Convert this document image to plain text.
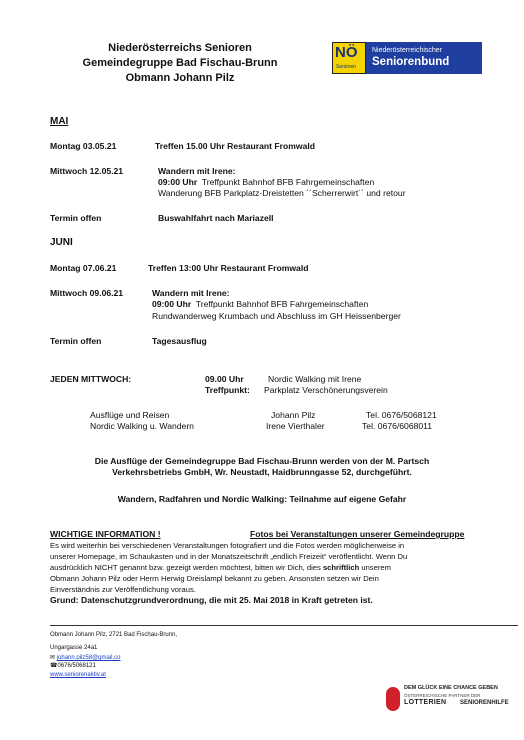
Niederösterreichs Senioren
Gemeindegruppe Bad Fischau-Brunn
Obmann Johann Pilz
NÖ
Senioren
Niederösterreichischer
Seniorenbund
MAI
Montag 03.05.21	Treffen 15.00 Uhr Restaurant Fromwald
Mittwoch 12.05.21	Wandern mit Irene:
09:00 Uhr Treffpunkt Bahnhof BFB Fahrgemeinschaften
Wanderung BFB Parkplatz-Dreistetten ´´Scherrerwirt´´ und retour
Termin offen	Buswahlfahrt nach Mariazell
JUNI
Montag 07.06.21	Treffen 13:00 Uhr Restaurant Fromwald
Mittwoch 09.06.21	Wandern mit Irene:
09:00 Uhr Treffpunkt Bahnhof BFB Fahrgemeinschaften
Rundwanderweg Krumbach und Abschluss im GH Heissenberger
Termin offen	Tagesausflug
JEDEN MITTWOCH:	09.00 Uhr	Nordic Walking mit Irene
Treffpunkt: Parkplatz Verschönerungsverein
Ausflüge und Reisen	Johann Pilz	Tel. 0676/5068121
Nordic Walking u. Wandern	Irene Vierthaler	Tel. 0676/6068011
Die Ausflüge der Gemeindegruppe Bad Fischau-Brunn werden von der M. Partsch
Verkehrsbetriebs GmbH, Wr. Neustadt, Haidbrunngasse 52, durchgeführt.
Wandern, Radfahren und Nordic Walking: Teilnahme auf eigene Gefahr
WICHTIGE INFORMATION !	Fotos bei Veranstaltungen unserer Gemeindegruppe
Es wird weiterhin bei verschiedenen Veranstaltungen fotografiert und die Fotos werden möglicherweise in
unserer Homepage, im Schaukasten und in der Monatszeitschrift „endlich Freizeit“ veröffentlicht. Wenn Du
ausdrücklich NICHT genannt bzw. gezeigt werden möchtest, bitten wir Dich, dies schriftlich unserem
Obmann Johann Pilz oder Herrn Herwig Dreislampl bekannt zu geben. Ansonsten setzen wir Dein
Einverständnis zur Veröffentlichung voraus.
Grund: Datenschutzgrundverordnung, die mit 25. Mai 2018 in Kraft getreten ist.
Obmann Johann Pilz, 2721 Bad Fischau-Brunn,
Ungargasse 24a1
✉ johann.pilz58@gmail.co
☎0676/5068121
www.seniorenaktiv.at
DEM GLÜCK EINE CHANCE GEBEN
ÖSTERREICHISCHE PARTNER DER
LOTTERIEN SENIORENHILFE
